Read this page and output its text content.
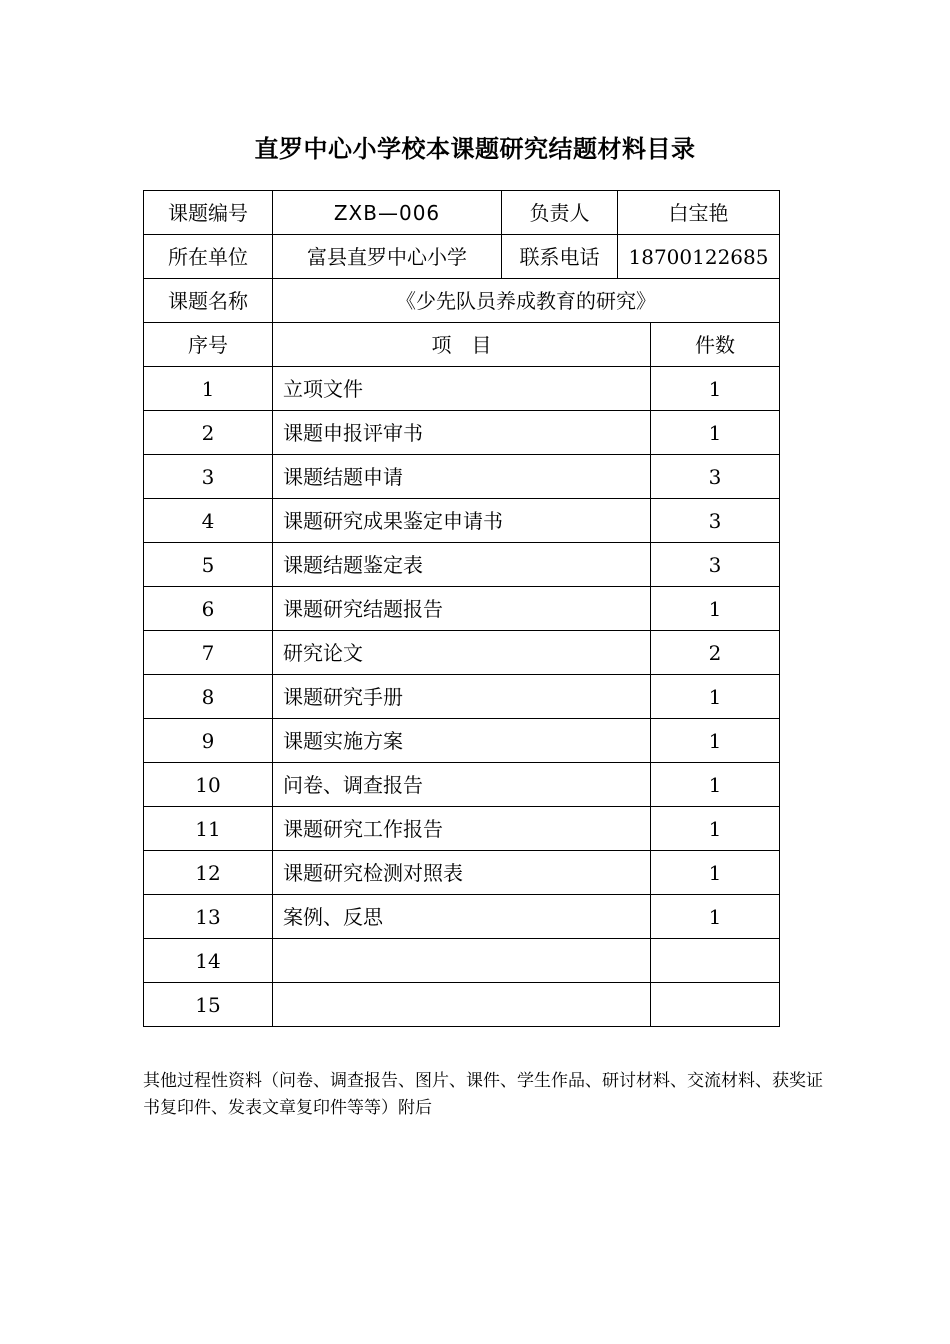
直罗中心小学校本课题研究结题材料目录
课题编号	ZXB—006	负责人	白宝艳	
所在单位	富县直罗中心小学	联系电话	18700122685	
课题名称	《少先队员养成教育的研究》			
序号	项　目			件数
1	立项文件			1
2	课题申报评审书			1
3	课题结题申请			3
4	课题研究成果鉴定申请书			3
5	课题结题鉴定表			3
6	课题研究结题报告			1
7	研究论文			2
8	课题研究手册			1
9	课题实施方案			1
10	问卷、调查报告			1
11	课题研究工作报告			1
12	课题研究检测对照表			1
13	案例、反思			1
14				
15				
其他过程性资料（问卷、调查报告、图片、课件、学生作品、研讨材料、交流材料、获奖证书复印件、发表文章复印件等等）附后
